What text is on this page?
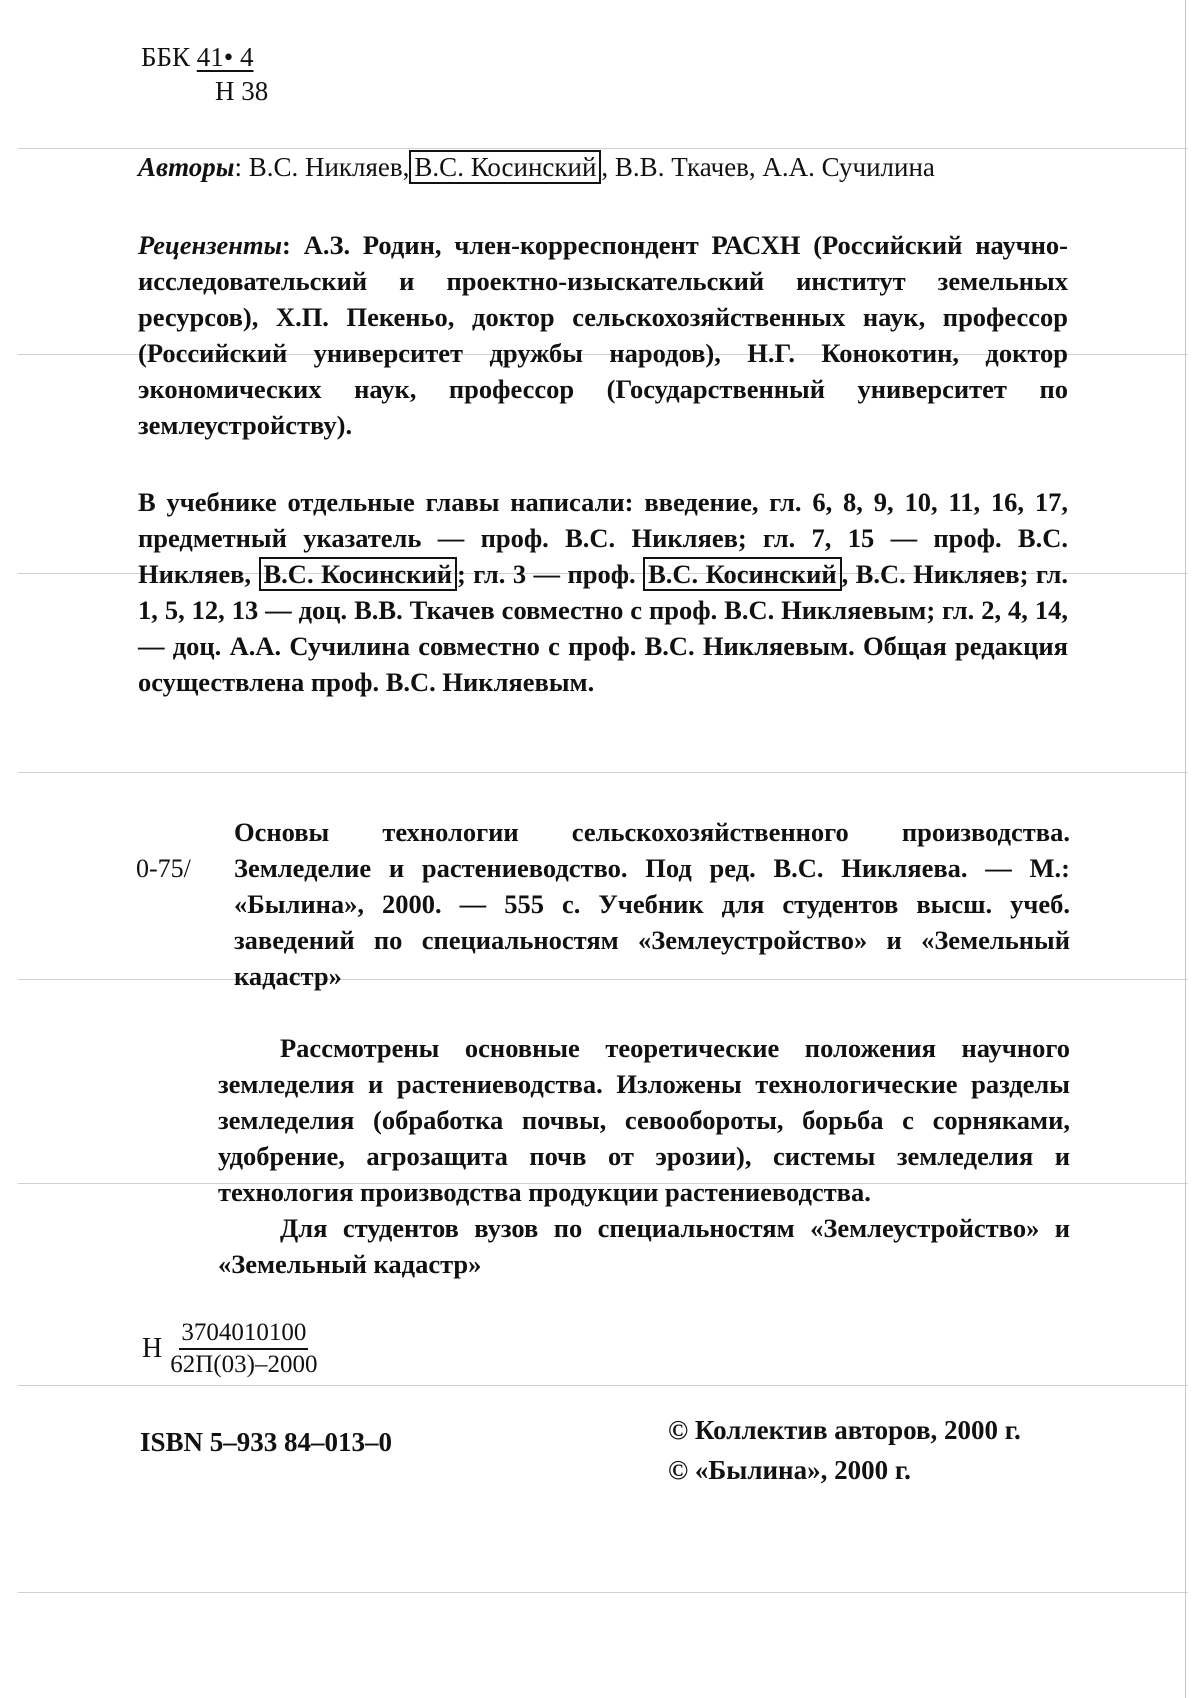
ББК 41• 4
Н 38
Авторы: В.С. Никляев, В.С. Косинский , В.В. Ткачев, А.А. Сучилина
Рецензенты: А.З. Родин, член-корреспондент РАСХН (Российский научно-исследовательский и проектно-изыскательский институт земельных ресурсов), Х.П. Пекеньо, доктор сельскохозяйственных наук, профессор (Российский университет дружбы народов), Н.Г. Конокотин, доктор экономических наук, профессор (Государственный университет по землеустройству).
В учебнике отдельные главы написали: введение, гл. 6, 8, 9, 10, 11, 16, 17, предметный указатель — проф. В.С. Никляев; гл. 7, 15 — проф. В.С. Никляев, В.С. Косинский ; гл. 3 — проф. В.С. Косинский , В.С. Никляев; гл. 1, 5, 12, 13 — доц. В.В. Ткачев совместно с проф. В.С. Никляевым; гл. 2, 4, 14, — доц. А.А. Сучилина совместно с проф. В.С. Никляевым. Общая редакция осуществлена проф. В.С. Никляевым.
0-75/
Основы технологии сельскохозяйственного производства. Земледелие и растениеводство. Под ред. В.С. Никляева. — М.: «Былина», 2000. — 555 с. Учебник для студентов высш. учеб. заведений по специальностям «Землеустройство» и «Земельный кадастр»

Рассмотрены основные теоретические положения научного земледелия и растениеводства. Изложены технологические разделы земледелия (обработка почвы, севообороты, борьба с сорняками, удобрение, агрозащита почв от эрозии), системы земледелия и технология производства продукции растениеводства.

Для студентов вузов по специальностям «Землеустройство» и «Земельный кадастр»

Н $\frac{3704010100}{62П(03)-2000}$
ISBN 5–933 84–013–0	© Коллектив авторов, 2000 г.
© «Былина», 2000 г.
